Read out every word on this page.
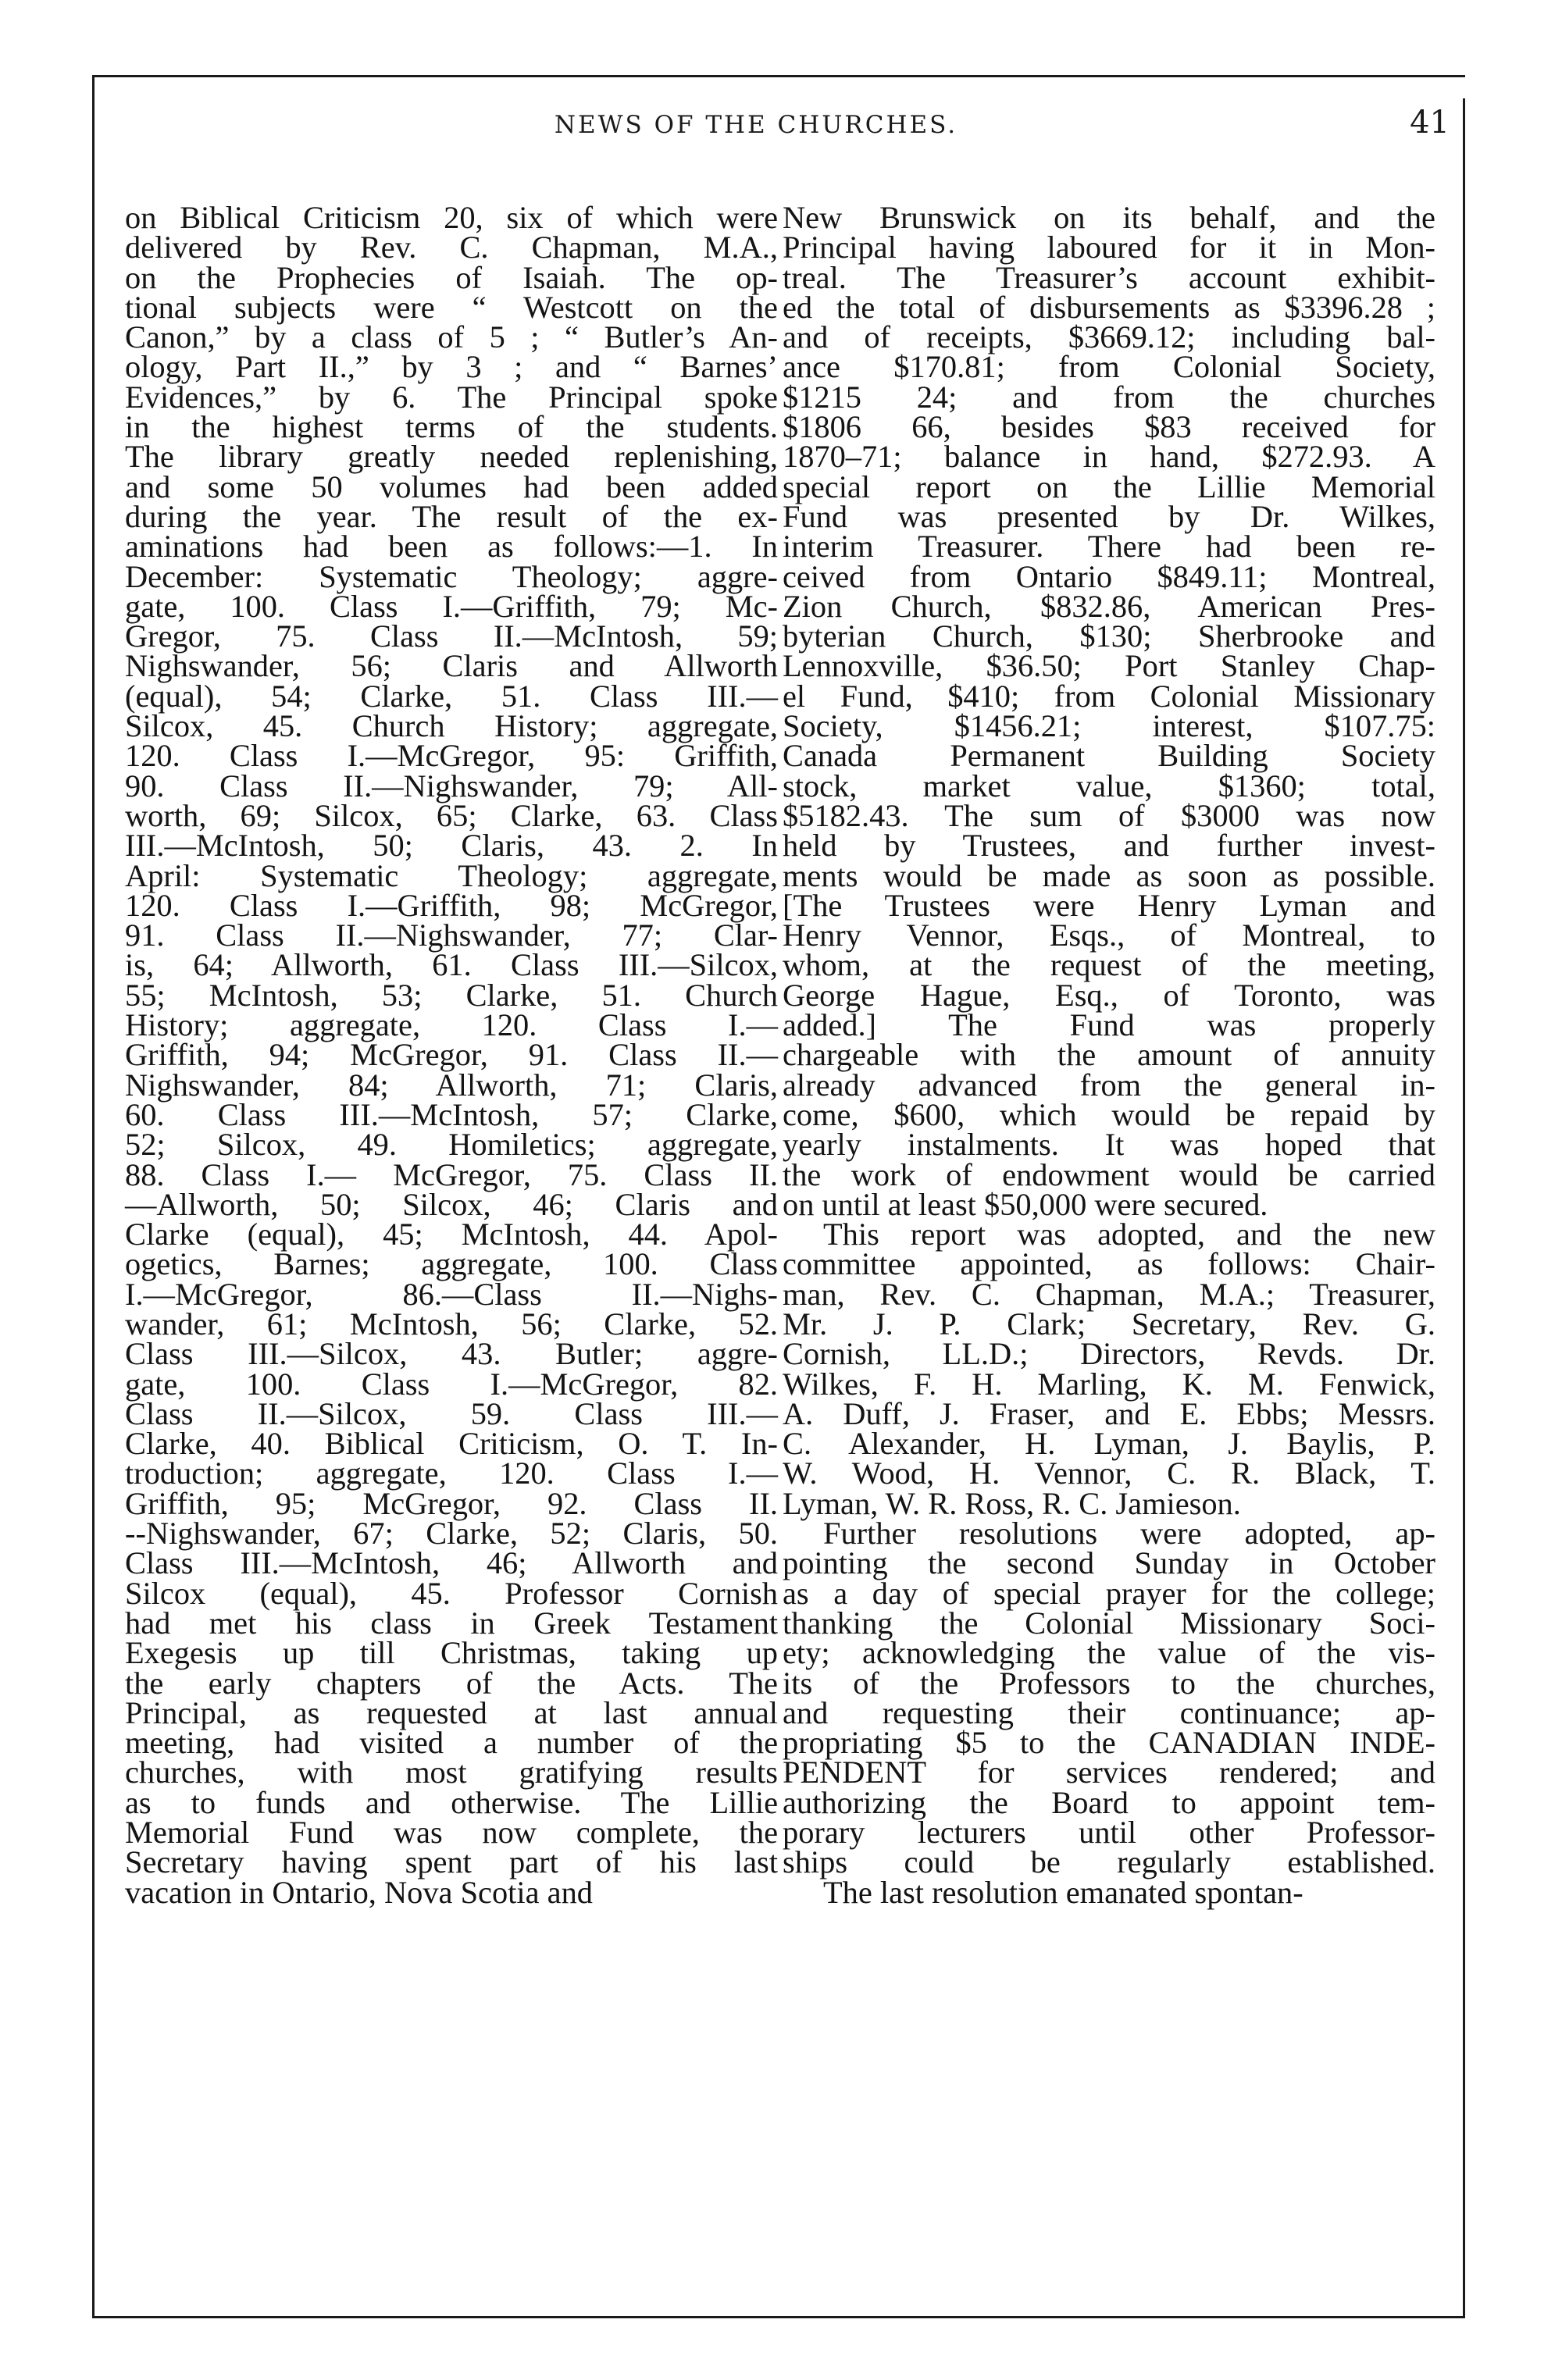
NEWS OF THE CHURCHES.	41
on Biblical Criticism 20, six of which were
delivered by Rev. C. Chapman, M.A.,
on the Prophecies of Isaiah. The op-
tional subjects were “ Westcott on the
Canon,” by a class of 5 ; “ Butler’s An-
ology, Part II.,” by 3 ; and “ Barnes’
Evidences,” by 6. The Principal spoke
in the highest terms of the students.
The library greatly needed replenishing,
and some 50 volumes had been added
during the year. The result of the ex-
aminations had been as follows:—1. In
December: Systematic Theology; aggre-
gate, 100. Class I.—Griffith, 79; Mc-
Gregor, 75. Class II.—McIntosh, 59;
Nighswander, 56; Claris and Allworth
(equal), 54; Clarke, 51. Class III.—
Silcox, 45. Church History; aggregate,
120. Class I.—McGregor, 95: Griffith,
90. Class II.—Nighswander, 79; All-
worth, 69; Silcox, 65; Clarke, 63. Class
III.—McIntosh, 50; Claris, 43. 2. In
April: Systematic Theology; aggregate,
120. Class I.—Griffith, 98; McGregor,
91. Class II.—Nighswander, 77; Clar-
is, 64; Allworth, 61. Class III.—Silcox,
55; McIntosh, 53; Clarke, 51. Church
History; aggregate, 120. Class I.—
Griffith, 94; McGregor, 91. Class II.—
Nighswander, 84; Allworth, 71; Claris,
60. Class III.—McIntosh, 57; Clarke,
52; Silcox, 49. Homiletics; aggregate,
88. Class I.— McGregor, 75. Class II.
—Allworth, 50; Silcox, 46; Claris and
Clarke (equal), 45; McIntosh, 44. Apol-
ogetics, Barnes; aggregate, 100. Class
I.—McGregor, 86.—Class II.—Nighs-
wander, 61; McIntosh, 56; Clarke, 52.
Class III.—Silcox, 43. Butler; aggre-
gate, 100. Class I.—McGregor, 82.
Class II.—Silcox, 59. Class III.—
Clarke, 40. Biblical Criticism, O. T. In-
troduction; aggregate, 120. Class I.—
Griffith, 95; McGregor, 92. Class II.
--Nighswander, 67; Clarke, 52; Claris, 50.
Class III.—McIntosh, 46; Allworth and
Silcox (equal), 45. Professor Cornish
had met his class in Greek Testament
Exegesis up till Christmas, taking up
the early chapters of the Acts. The
Principal, as requested at last annual
meeting, had visited a number of the
churches, with most gratifying results
as to funds and otherwise. The Lillie
Memorial Fund was now complete, the
Secretary having spent part of his last
vacation in Ontario, Nova Scotia and
New Brunswick on its behalf, and the
Principal having laboured for it in Mon-
treal. The Treasurer’s account exhibit-
ed the total of disbursements as $3396.28 ;
and of receipts, $3669.12; including bal-
ance $170.81; from Colonial Society,
$1215 24; and from the churches
$1806 66, besides $83 received for
1870–71; balance in hand, $272.93. A
special report on the Lillie Memorial
Fund was presented by Dr. Wilkes,
interim Treasurer. There had been re-
ceived from Ontario $849.11; Montreal,
Zion Church, $832.86, American Pres-
byterian Church, $130; Sherbrooke and
Lennoxville, $36.50; Port Stanley Chap-
el Fund, $410; from Colonial Missionary
Society, $1456.21; interest, $107.75:
Canada Permanent Building Society
stock, market value, $1360; total,
$5182.43. The sum of $3000 was now
held by Trustees, and further invest-
ments would be made as soon as possible.
[The Trustees were Henry Lyman and
Henry Vennor, Esqs., of Montreal, to
whom, at the request of the meeting,
George Hague, Esq., of Toronto, was
added.] The Fund was properly
chargeable with the amount of annuity
already advanced from the general in-
come, $600, which would be repaid by
yearly instalments. It was hoped that
the work of endowment would be carried
on until at least $50,000 were secured.
This report was adopted, and the new
committee appointed, as follows: Chair-
man, Rev. C. Chapman, M.A.; Treasurer,
Mr. J. P. Clark; Secretary, Rev. G.
Cornish, LL.D.; Directors, Revds. Dr.
Wilkes, F. H. Marling, K. M. Fenwick,
A. Duff, J. Fraser, and E. Ebbs; Messrs.
C. Alexander, H. Lyman, J. Baylis, P.
W. Wood, H. Vennor, C. R. Black, T.
Lyman, W. R. Ross, R. C. Jamieson.
Further resolutions were adopted, ap-
pointing the second Sunday in October
as a day of special prayer for the college;
thanking the Colonial Missionary Soci-
ety; acknowledging the value of the vis-
its of the Professors to the churches,
and requesting their continuance; ap-
propriating $5 to the CANADIAN INDE-
PENDENT for services rendered; and
authorizing the Board to appoint tem-
porary lecturers until other Professor-
ships could be regularly established.
The last resolution emanated spontan-
